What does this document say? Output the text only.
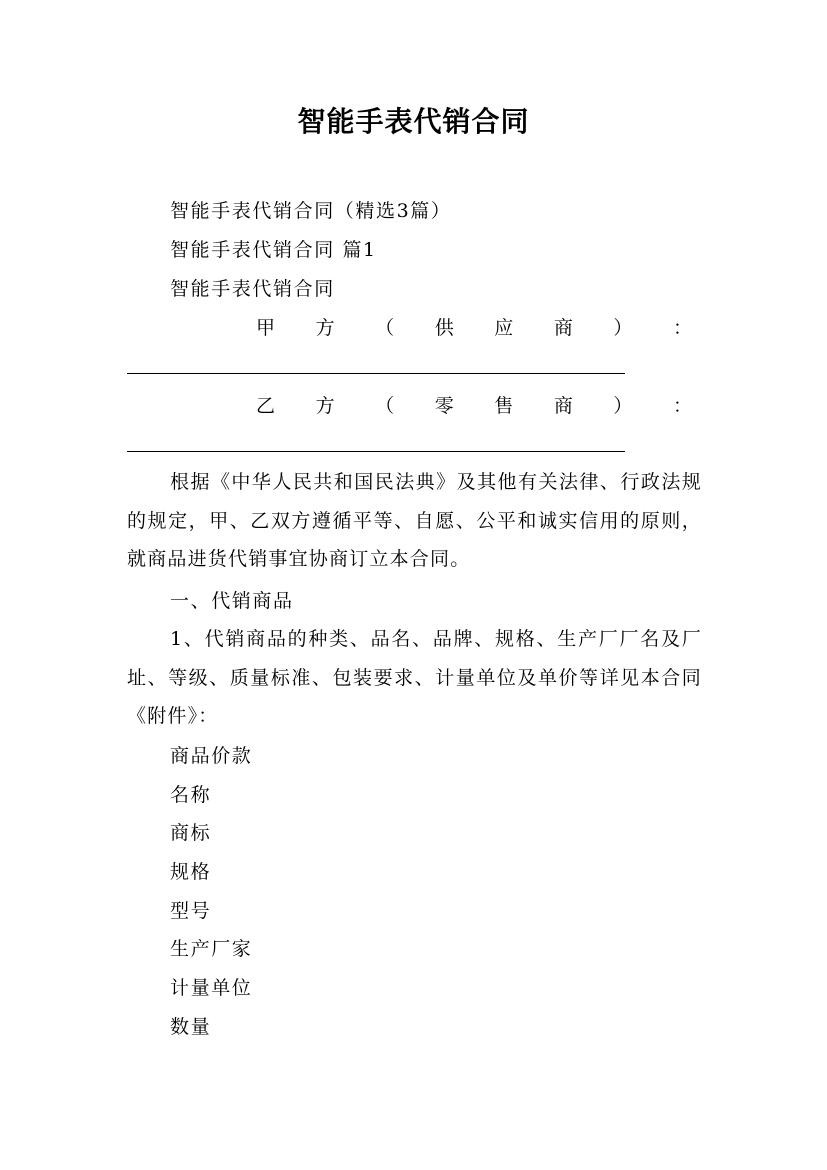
智能手表代销合同
智能手表代销合同（精选3篇）
智能手表代销合同 篇1
智能手表代销合同
甲 方 （ 供 应 商 ） ：
乙 方 （ 零 售 商 ） ：
根据《中华人民共和国民法典》及其他有关法律、行政法规的规定，甲、乙双方遵循平等、自愿、公平和诚实信用的原则，就商品进货代销事宜协商订立本合同。
一、代销商品
1、代销商品的种类、品名、品牌、规格、生产厂厂名及厂址、等级、质量标准、包装要求、计量单位及单价等详见本合同《附件》：
商品价款
名称
商标
规格
型号
生产厂家
计量单位
数量
